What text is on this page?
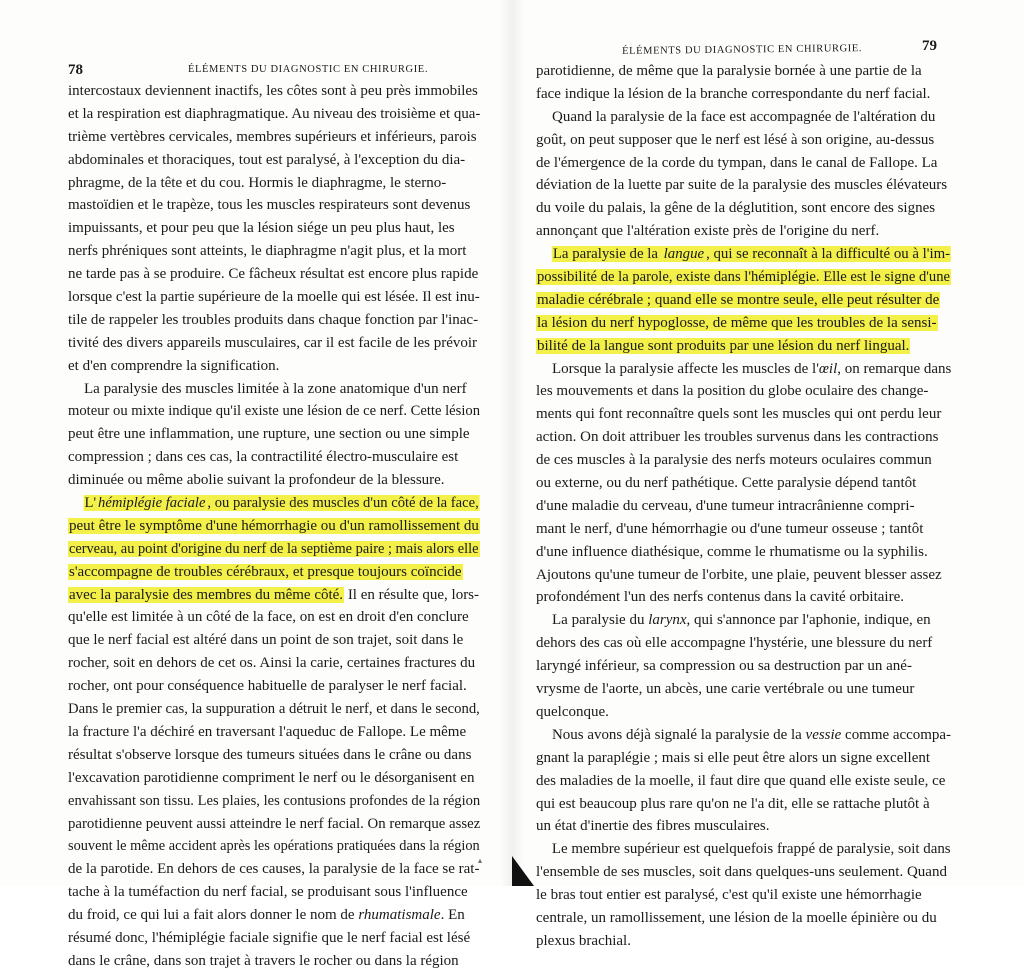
78	ÉLÉMENTS DU DIAGNOSTIC EN CHIRURGIE.
intercostaux deviennent inactifs, les côtes sont à peu près immobiles
et la respiration est diaphragmatique. Au niveau des troisième et qua-
trième vertèbres cervicales, membres supérieurs et inférieurs, parois
abdominales et thoraciques, tout est paralysé, à l'exception du dia-
phragme, de la tête et du cou. Hormis le diaphragme, le sterno-
mastoïdien et le trapèze, tous les muscles respirateurs sont devenus
impuissants, et pour peu que la lésion siége un peu plus haut, les
nerfs phréniques sont atteints, le diaphragme n'agit plus, et la mort
ne tarde pas à se produire. Ce fâcheux résultat est encore plus rapide
lorsque c'est la partie supérieure de la moelle qui est lésée. Il est inu-
tile de rappeler les troubles produits dans chaque fonction par l'inac-
tivité des divers appareils musculaires, car il est facile de les prévoir
et d'en comprendre la signification.
La paralysie des muscles limitée à la zone anatomique d'un nerf
moteur ou mixte indique qu'il existe une lésion de ce nerf. Cette lésion
peut être une inflammation, une rupture, une section ou une simple
compression ; dans ces cas, la contractilité électro-musculaire est
diminuée ou même abolie suivant la profondeur de la blessure.
L' hémiplégie faciale , ou paralysie des muscles d'un côté de la face,
peut être le symptôme d'une hémorrhagie ou d'un ramollissement du
cerveau, au point d'origine du nerf de la septième paire ; mais alors elle
s'accompagne de troubles cérébraux, et presque toujours coïncide
avec la paralysie des membres du même côté. Il en résulte que, lors-
qu'elle est limitée à un côté de la face, on est en droit d'en conclure
que le nerf facial est altéré dans un point de son trajet, soit dans le
rocher, soit en dehors de cet os. Ainsi la carie, certaines fractures du
rocher, ont pour conséquence habituelle de paralyser le nerf facial.
Dans le premier cas, la suppuration a détruit le nerf, et dans le second,
la fracture l'a déchiré en traversant l'aqueduc de Fallope. Le même
résultat s'observe lorsque des tumeurs situées dans le crâne ou dans
l'excavation parotidienne compriment le nerf ou le désorganisent en
envahissant son tissu. Les plaies, les contusions profondes de la région
parotidienne peuvent aussi atteindre le nerf facial. On remarque assez
souvent le même accident après les opérations pratiquées dans la région
de la parotide. En dehors de ces causes, la paralysie de la face se rat-
tache à la tuméfaction du nerf facial, se produisant sous l'influence
du froid, ce qui lui a fait alors donner le nom de rhumatismale. En
résumé donc, l'hémiplégie faciale signifie que le nerf facial est lésé
dans le crâne, dans son trajet à travers le rocher ou dans la région
79
ÉLÉMENTS DU DIAGNOSTIC EN CHIRURGIE.
parotidienne, de même que la paralysie bornée à une partie de la
face indique la lésion de la branche correspondante du nerf facial.
Quand la paralysie de la face est accompagnée de l'altération du
goût, on peut supposer que le nerf est lésé à son origine, au-dessus
de l'émergence de la corde du tympan, dans le canal de Fallope. La
déviation de la luette par suite de la paralysie des muscles élévateurs
du voile du palais, la gêne de la déglutition, sont encore des signes
annonçant que l'altération existe près de l'origine du nerf.
La paralysie de la langue , qui se reconnaît à la difficulté ou à l'im-
possibilité de la parole, existe dans l'hémiplégie. Elle est le signe d'une
maladie cérébrale ; quand elle se montre seule, elle peut résulter de
la lésion du nerf hypoglosse, de même que les troubles de la sensi-
bilité de la langue sont produits par une lésion du nerf lingual.
Lorsque la paralysie affecte les muscles de l'œil, on remarque dans
les mouvements et dans la position du globe oculaire des change-
ments qui font reconnaître quels sont les muscles qui ont perdu leur
action. On doit attribuer les troubles survenus dans les contractions
de ces muscles à la paralysie des nerfs moteurs oculaires commun
ou externe, ou du nerf pathétique. Cette paralysie dépend tantôt
d'une maladie du cerveau, d'une tumeur intracrânienne compri-
mant le nerf, d'une hémorrhagie ou d'une tumeur osseuse ; tantôt
d'une influence diathésique, comme le rhumatisme ou la syphilis.
Ajoutons qu'une tumeur de l'orbite, une plaie, peuvent blesser assez
profondément l'un des nerfs contenus dans la cavité orbitaire.
La paralysie du larynx, qui s'annonce par l'aphonie, indique, en
dehors des cas où elle accompagne l'hystérie, une blessure du nerf
laryngé inférieur, sa compression ou sa destruction par un ané-
vrysme de l'aorte, un abcès, une carie vertébrale ou une tumeur
quelconque.
Nous avons déjà signalé la paralysie de la vessie comme accompa-
gnant la paraplégie ; mais si elle peut être alors un signe excellent
des maladies de la moelle, il faut dire que quand elle existe seule, ce
qui est beaucoup plus rare qu'on ne l'a dit, elle se rattache plutôt à
un état d'inertie des fibres musculaires.
Le membre supérieur est quelquefois frappé de paralysie, soit dans
l'ensemble de ses muscles, soit dans quelques-uns seulement. Quand
le bras tout entier est paralysé, c'est qu'il existe une hémorrhagie
centrale, un ramollissement, une lésion de la moelle épinière ou du
plexus brachial.
▴
